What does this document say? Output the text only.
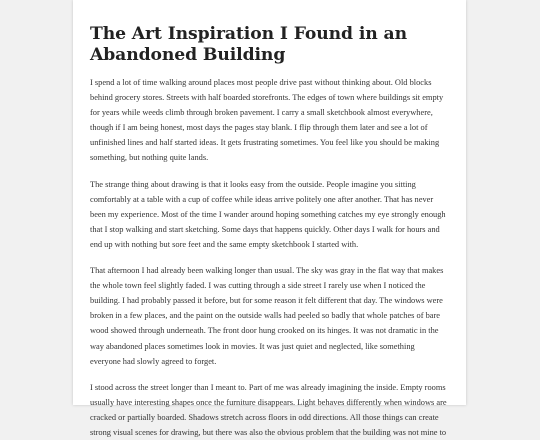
The Art Inspiration I Found in an Abandoned Building

I spend a lot of time walking around places most people drive past without thinking about. Old blocks behind grocery stores. Streets with half boarded storefronts. The edges of town where buildings sit empty for years while weeds climb through broken pavement. I carry a small sketchbook almost everywhere, though if I am being honest, most days the pages stay blank. I flip through them later and see a lot of unfinished lines and half started ideas. It gets frustrating sometimes. You feel like you should be making something, but nothing quite lands.

The strange thing about drawing is that it looks easy from the outside. People imagine you sitting comfortably at a table with a cup of coffee while ideas arrive politely one after another. That has never been my experience. Most of the time I wander around hoping something catches my eye strongly enough that I stop walking and start sketching. Some days that happens quickly. Other days I walk for hours and end up with nothing but sore feet and the same empty sketchbook I started with.

That afternoon I had already been walking longer than usual. The sky was gray in the flat way that makes the whole town feel slightly faded. I was cutting through a side street I rarely use when I noticed the building. I had probably passed it before, but for some reason it felt different that day. The windows were broken in a few places, and the paint on the outside walls had peeled so badly that whole patches of bare wood showed through underneath. The front door hung crooked on its hinges. It was not dramatic in the way abandoned places sometimes look in movies. It was just quiet and neglected, like something everyone had slowly agreed to forget.

I stood across the street longer than I meant to. Part of me was already imagining the inside. Empty rooms usually have interesting shapes once the furniture disappears. Light behaves differently when windows are cracked or partially boarded. Shadows stretch across floors in odd directions. All those things can create strong visual scenes for drawing, but there was also the obvious problem that the building was not mine to
